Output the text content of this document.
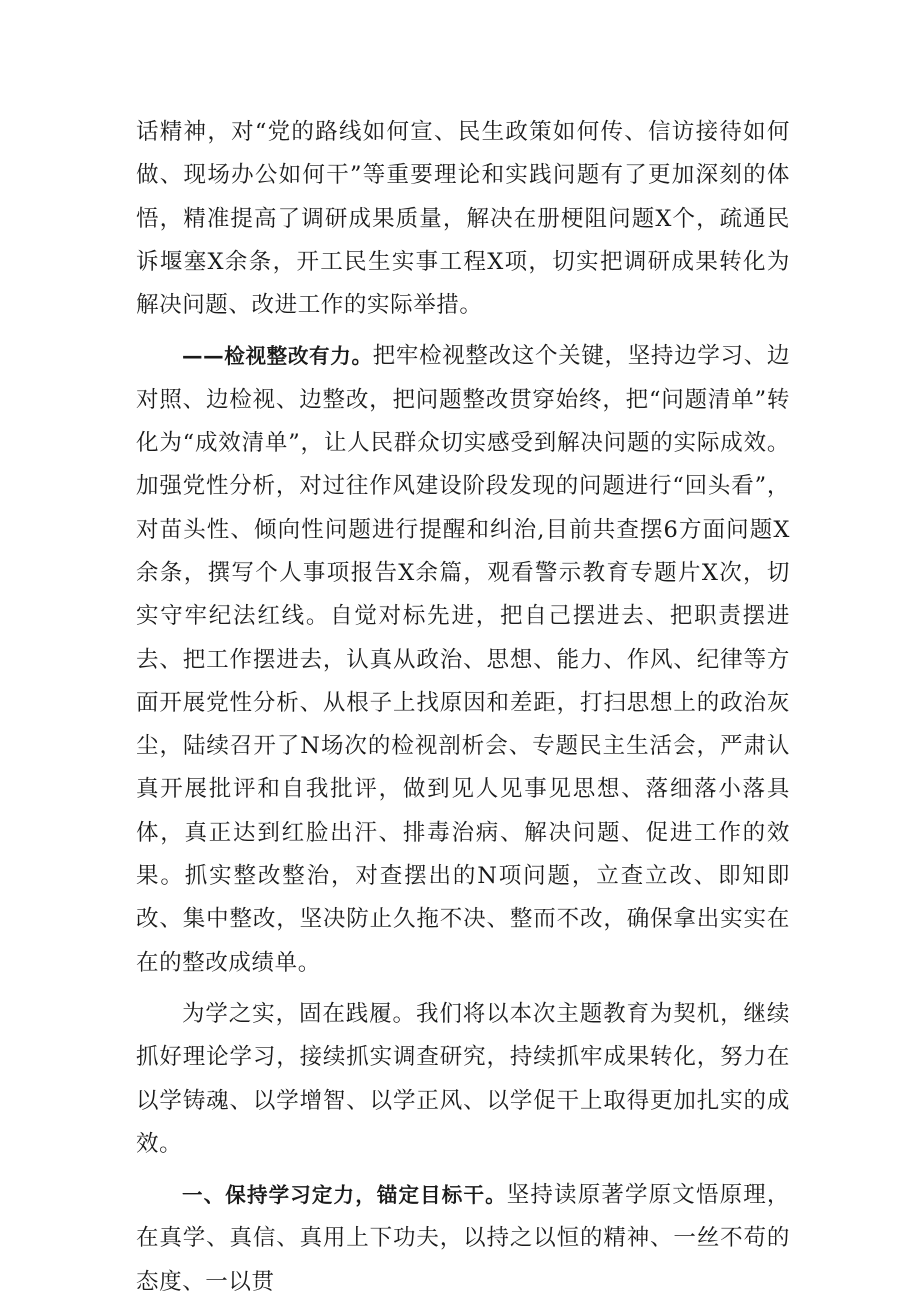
话精神，对“党的路线如何宣、民生政策如何传、信访接待如何做、现场办公如何干”等重要理论和实践问题有了更加深刻的体悟，精准提高了调研成果质量，解决在册梗阻问题X个，疏通民诉堰塞X余条，开工民生实事工程X项，切实把调研成果转化为解决问题、改进工作的实际举措。

——检视整改有力。把牢检视整改这个关键，坚持边学习、边对照、边检视、边整改，把问题整改贯穿始终，把“问题清单”转化为“成效清单”，让人民群众切实感受到解决问题的实际成效。加强党性分析，对过往作风建设阶段发现的问题进行“回头看”，对苗头性、倾向性问题进行提醒和纠治,目前共查摆6方面问题X余条，撰写个人事项报告X余篇，观看警示教育专题片X次，切实守牢纪法红线。自觉对标先进，把自己摆进去、把职责摆进去、把工作摆进去，认真从政治、思想、能力、作风、纪律等方面开展党性分析、从根子上找原因和差距，打扫思想上的政治灰尘，陆续召开了N场次的检视剖析会、专题民主生活会，严肃认真开展批评和自我批评，做到见人见事见思想、落细落小落具体，真正达到红脸出汗、排毒治病、解决问题、促进工作的效果。抓实整改整治，对查摆出的N项问题，立查立改、即知即改、集中整改，坚决防止久拖不决、整而不改，确保拿出实实在在的整改成绩单。

为学之实，固在践履。我们将以本次主题教育为契机，继续抓好理论学习，接续抓实调查研究，持续抓牢成果转化，努力在以学铸魂、以学增智、以学正风、以学促干上取得更加扎实的成效。

一、保持学习定力，锚定目标干。坚持读原著学原文悟原理，在真学、真信、真用上下功夫，以持之以恒的精神、一丝不苟的态度、一以贯
